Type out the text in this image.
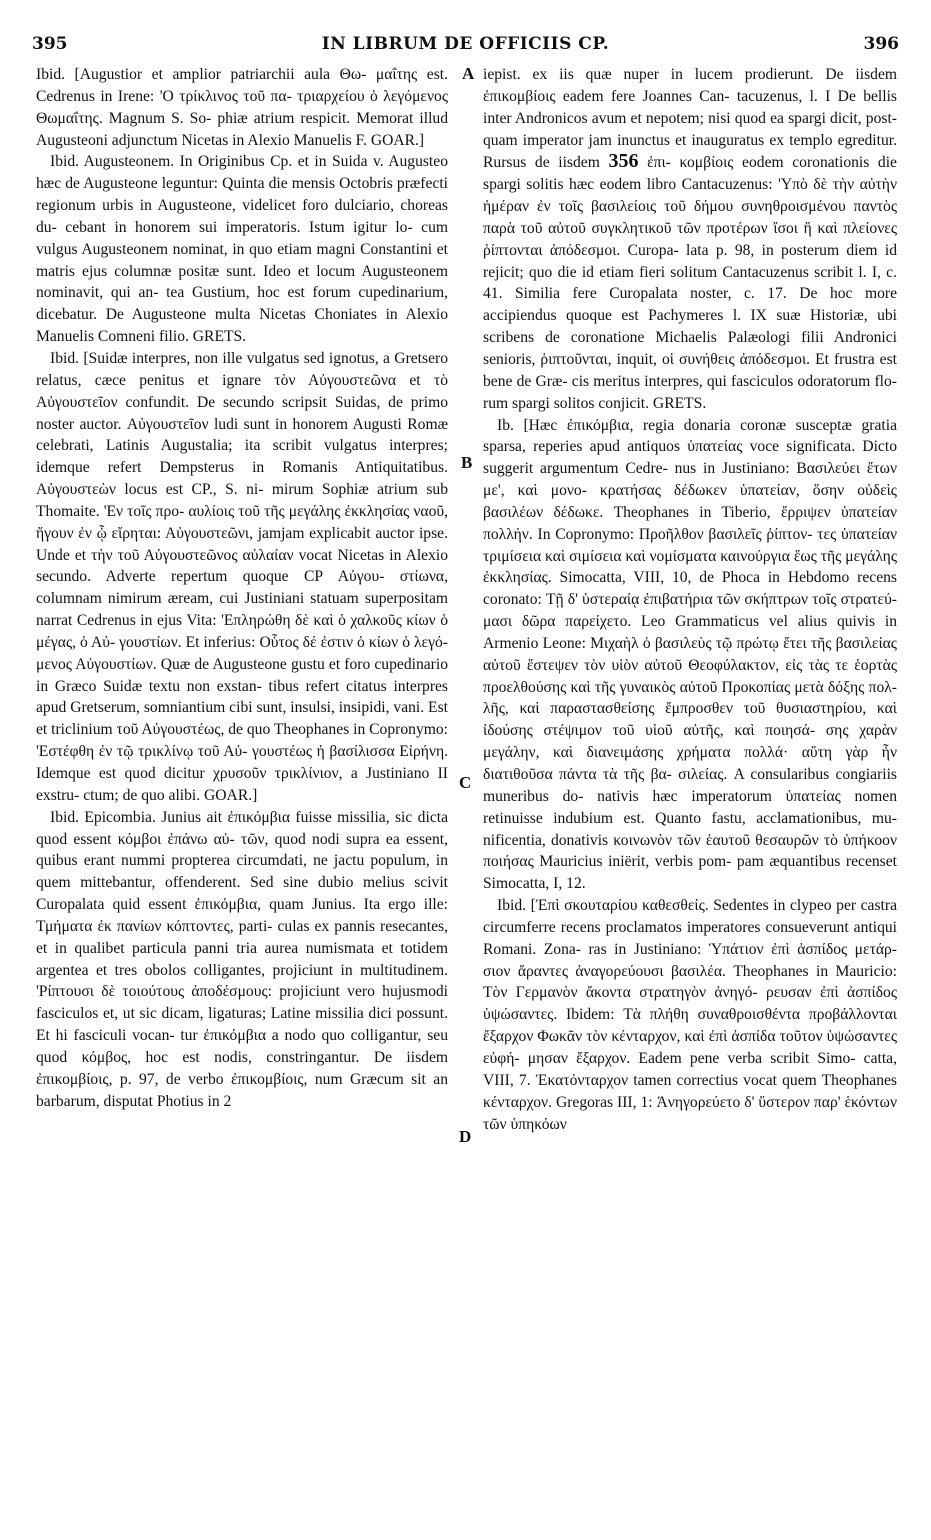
395	IN LIBRUM DE OFFICIIS CP.	396

Ibid. [Augustior et amplior patriarchii aula Θω- μαΐτης est. Cedrenus in Irene: 'Ο τρίκλινος τοῦ πα- τριαρχείου ὁ λεγόμενος Θωμαΐτης. Magnum S. So- phiæ atrium respicit. Memorat illud Augusteoni adjunctum Nicetas in Alexio Manuelis F. GOAR.]

Ibid. Augusteonem. In Originibus Cp. et in Suida v. Augusteo hæc de Augusteone leguntur: Quinta die mensis Octobris præfecti regionum urbis in Augusteone, videlicet foro dulciario, choreas du- cebant in honorem sui imperatoris. Istum igitur lo- cum vulgus Augusteonem nominat, in quo etiam magni Constantini et matris ejus columnæ positæ sunt. Ideo et locum Augusteonem nominavit, qui an- tea Gustium, hoc est forum cupedinarium, dicebatur. De Augusteone multa Nicetas Choniates in Alexio Manuelis Comneni filio. GRETS.

Ibid. [Suidæ interpres, non ille vulgatus sed ignotus, a Gretsero relatus, cæce penitus et ignare τὸν Αὐγουστεῶνα et τὸ Αὐγουστεῖον confundit. De secundo scripsit Suidas, de primo noster auctor. Αὐγουστεῖον ludi sunt in honorem Augusti Romæ celebrati, Latinis Augustalia; ita scribit vulgatus interpres; idemque refert Dempsterus in Romanis Antiquitatibus. Αὐγουστεὼν locus est CP., S. ni- mirum Sophiæ atrium sub Thomaite. 'Εν τοῖς προ- αυλίοις τοῦ τῆς μεγάλης ἐκκλησίας ναοῦ, ἤγουν ἐν ᾧ εἴρηται: Αὐγουστεῶνι, jamjam explicabit auctor ipse. Unde et τὴν τοῦ Αὐγουστεῶνος αὐλαίαν vocat Nicetas in Alexio secundo. Adverte repertum quoque CP Αὐγου- στίωνα, columnam nimirum æream, cui Justiniani statuam superpositam narrat Cedrenus in ejus Vita: 'Επληρώθη δὲ καὶ ὁ χαλκοῦς κίων ὁ μέγας, ὁ Αὐ- γουστίων. Et inferius: Οὗτος δέ ἐστιν ὁ κίων ὁ λεγό- μενος Αὐγουστίων. Quæ de Augusteone gustu et foro cupedinario in Græco Suidæ textu non exstan- tibus refert citatus interpres apud Gretserum, somniantium cibi sunt, insulsi, insipidi, vani. Est et triclinium τοῦ Αὐγουστέως, de quo Theophanes in Copronymo: 'Εστέφθη ἐν τῷ τρικλίνῳ τοῦ Αὐ- γουστέως ἡ βασίλισσα Εἰρήνη. Idemque est quod dicitur χρυσοῦν τρικλίνιον, a Justiniano II exstru- ctum; de quo alibi. GOAR.]

Ibid. Epicombia. Junius ait ἐπικόμβια fuisse missilia, sic dicta quod essent κόμβοι ἐπάνω αὐ- τῶν, quod nodi supra ea essent, quibus erant nummi propterea circumdati, ne jactu populum, in quem mittebantur, offenderent. Sed sine dubio melius scivit Curopalata quid essent ἐπικόμβια, quam Junius. Ita ergo ille: Τμήματα ἐκ πανίων κόπτοντες, parti- culas ex pannis resecantes, et in qualibet particula panni tria aurea numismata et totidem argentea et tres obolos colligantes, projiciunt in multitudinem. 'Ρίπτουσι δὲ τοιούτους ἀποδέσμους: projiciunt vero hujusmodi fasciculos et, ut sic dicam, ligaturas; Latine missilia dici possunt. Et hi fasciculi vocan- tur ἐπικόμβια a nodo quo colligantur, seu quod κόμβος, hoc est nodis, constringantur. De iisdem ἐπικομβίοις, p. 97, de verbo ἐπικομβίοις, num Græcum sit an barbarum, disputat Photius in 2

A
B
C
D

iepist. ex iis quæ nuper in lucem prodierunt. De iisdem ἐπικομβίοις eadem fere Joannes Can- tacuzenus, l. I De bellis inter Andronicos avum et nepotem; nisi quod ea spargi dicit, post- quam imperator jam inunctus et inauguratus ex templo egreditur. Rursus de iisdem 356 ἐπι- κομβίοις eodem coronationis die spargi solitis hæc eodem libro Cantacuzenus: 'Υπὸ δὲ τὴν αὐτὴν ἡμέραν ἐν τοῖς βασιλείοις τοῦ δήμου συνηθροισμένου παντὸς παρὰ τοῦ αὐτοῦ συγκλητικοῦ τῶν προτέρων ἴσοι ἢ καὶ πλείονες ῥίπτονται ἀπόδεσμοι. Curopa- lata p. 98, in posterum diem id rejicit; quo die id etiam fieri solitum Cantacuzenus scribit l. I, c. 41. Similia fere Curopalata noster, c. 17. De hoc more accipiendus quoque est Pachymeres l. IX suæ Historiæ, ubi scribens de coronatione Michaelis Palæologi filii Andronici senioris, ῥιπτοῦνται, inquit, οἱ συνήθεις ἀπόδεσμοι. Et frustra est bene de Græ- cis meritus interpres, qui fasciculos odoratorum flo- rum spargi solitos conjicit. GRETS.

Ib. [Hæc ἐπικόμβια, regia donaria coronæ susceptæ gratia sparsa, reperies apud antiquos ὑπατείας voce significata. Dicto suggerit argumentum Cedre- nus in Justiniano: Βασιλεύει ἔτων με', καὶ μονο- κρατήσας δέδωκεν ὑπατείαν, ὅσην οὐδεὶς βασιλέων δέδωκε. Theophanes in Tiberio, ἔρριψεν ὑπατείαν πολλήν. In Copronymo: Προῆλθον βασιλεῖς ῥίπτον- τες ὑπατείαν τριμίσεια καὶ σιμίσεια καὶ νομίσματα καινούργια ἕως τῆς μεγάλης ἐκκλησίας. Simocatta, VIII, 10, de Phoca in Hebdomo recens coronato: Τῇ δ' ὑστεραίᾳ ἐπιβατήρια τῶν σκήπτρων τοῖς στρατεύ- μασι δῶρα παρείχετο. Leo Grammaticus vel alius quivis in Armenio Leone: Μιχαὴλ ὁ βασιλεὺς τῷ πρώτῳ ἔτει τῆς βασιλείας αὐτοῦ ἔστεψεν τὸν υἱὸν αὐτοῦ Θεοφύλακτον, εἰς τὰς τε ἑορτὰς προελθούσης καὶ τῆς γυναικὸς αὐτοῦ Προκοπίας μετὰ δόξης πολ- λῆς, καὶ παραστασθείσης ἔμπροσθεν τοῦ θυσιαστηρίου, καὶ ἰδούσης στέψιμον τοῦ υἱοῦ αὐτῆς, καὶ ποιησά- σης χαρὰν μεγάλην, καὶ διανειμάσης χρήματα πολλά· αὕτη γὰρ ἦν διατιθοῦσα πάντα τὰ τῆς βα- σιλείας. A consularibus congiariis muneribus do- nativis hæc imperatorum ὑπατείας nomen retinuisse indubium est. Quanto fastu, acclamationibus, mu- nificentia, donativis κοινωνὸν τῶν ἑαυτοῦ θεσαυρῶν τὸ ὑπήκοον ποιήσας Mauricius iniërit, verbis pom- pam æquantibus recenset Simocatta, I, 12.

Ibid. [Ἐπὶ σκουταρίου καθεσθείς. Sedentes in clypeo per castra circumferre recens proclamatos imperatores consueverunt antiqui Romani. Zona- ras in Justiniano: Ὑπάτιον ἐπὶ ἀσπίδος μετάρ- σιον ἄραντες ἀναγορεύουσι βασιλέα. Theophanes in Mauricio: Τὸν Γερμανὸν ἄκοντα στρατηγὸν ἀνηγό- ρευσαν ἐπὶ ἀσπίδος ὑψώσαντες. Ibidem: Τὰ πλήθη συναθροισθέντα προβάλλονται ἔξαρχον Φωκᾶν τὸν κένταρχον, καὶ ἐπὶ ἀσπίδα τοῦτον ὑψώσαντες εὐφή- μησαν ἔξαρχον. Eadem pene verba scribit Simo- catta, VIII, 7. Ἑκατόνταρχον tamen correctius vocat quem Theophanes κένταρχον. Gregoras III, 1: Ἀνηγορεύετο δ' ὕστερον παρ' ἑκόντων τῶν ὑπηκόων
